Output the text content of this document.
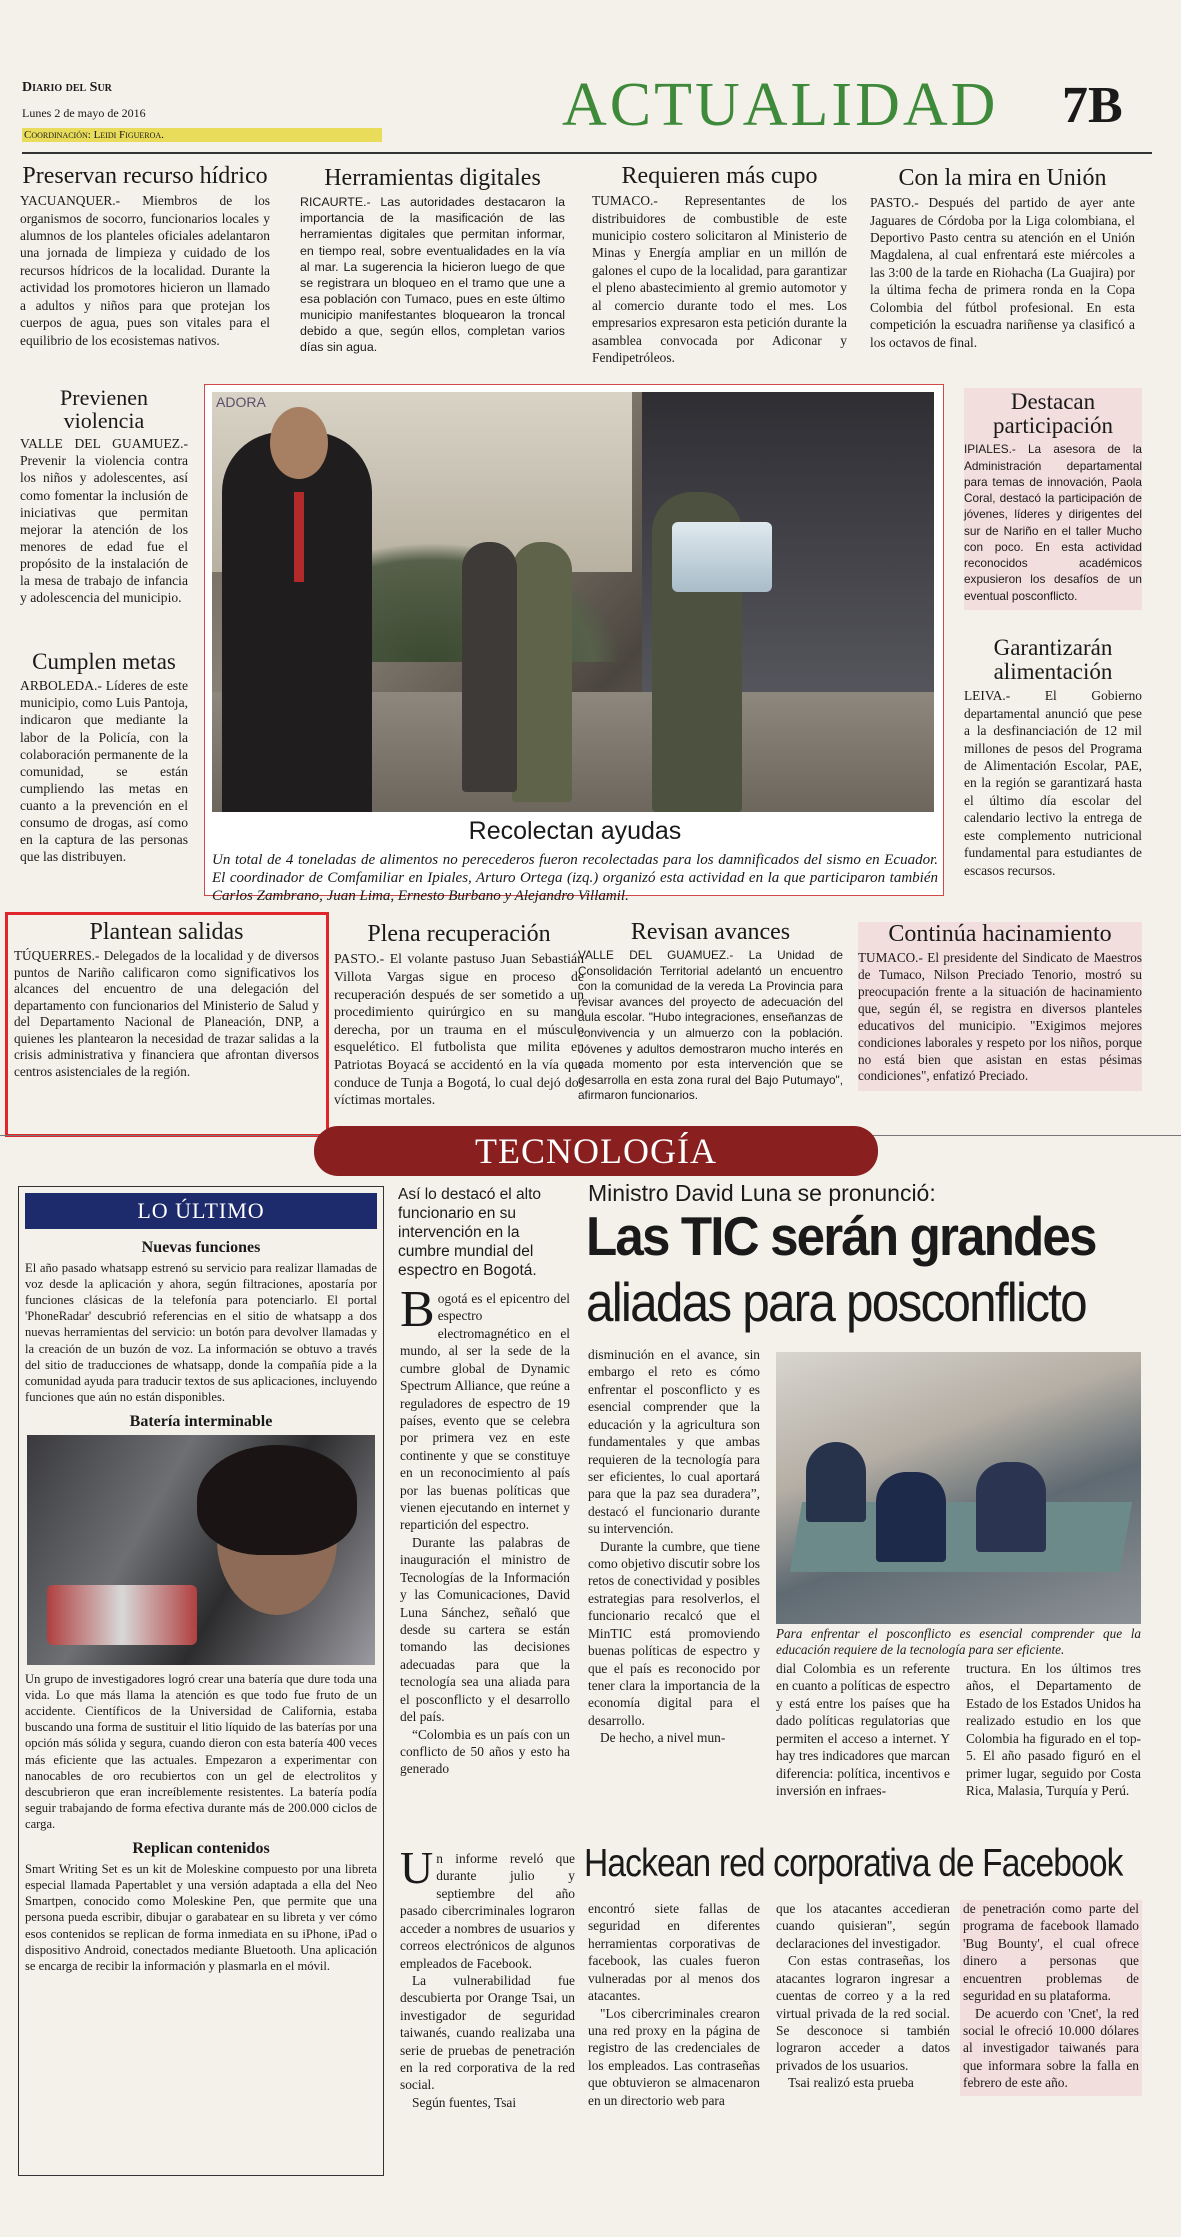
Diario del Sur
Lunes 2 de mayo de 2016
Coordinación: Leidi Figueroa.	ACTUALIDAD 7B
Preservan recurso hídrico

YACUANQUER.- Miembros de los organismos de socorro, funcionarios locales y alumnos de los planteles oficiales adelantaron una jornada de limpieza y cuidado de los recursos hídricos de la localidad. Durante la actividad los promotores hicieron un llamado a adultos y niños para que protejan los cuerpos de agua, pues son vitales para el equilibrio de los ecosistemas nativos.

Herramientas digitales

RICAURTE.- Las autoridades destacaron la importancia de la masificación de las herramientas digitales que permitan informar, en tiempo real, sobre eventualidades en la vía al mar. La sugerencia la hicieron luego de que se registrara un bloqueo en el tramo que une a esa población con Tumaco, pues en este último municipio manifestantes bloquearon la troncal debido a que, según ellos, completan varios días sin agua.

Requieren más cupo

TUMACO.- Representantes de los distribuidores de combustible de este municipio costero solicitaron al Ministerio de Minas y Energía ampliar en un millón de galones el cupo de la localidad, para garantizar el pleno abastecimiento al gremio automotor y al comercio durante todo el mes. Los empresarios expresaron esta petición durante la asamblea convocada por Adiconar y Fendipetróleos.

Con la mira en Unión

PASTO.- Después del partido de ayer ante Jaguares de Córdoba por la Liga colombiana, el Deportivo Pasto centra su atención en el Unión Magdalena, al cual enfrentará este miércoles a las 3:00 de la tarde en Riohacha (La Guajira) por la última fecha de primera ronda en la Copa Colombia del fútbol profesional. En esta competición la escuadra nariñense ya clasificó a los octavos de final.

Previenen violencia

VALLE DEL GUAMUEZ.- Prevenir la violencia contra los niños y adolescentes, así como fomentar la inclusión de iniciativas que permitan mejorar la atención de los menores de edad fue el propósito de la instalación de la mesa de trabajo de infancia y adolescencia del municipio.

Cumplen metas

ARBOLEDA.- Líderes de este municipio, como Luis Pantoja, indicaron que mediante la labor de la Policía, con la colaboración permanente de la comunidad, se están cumpliendo las metas en cuanto a la prevención en el consumo de drogas, así como en la captura de las personas que las distribuyen.

ADORA
Recolectan ayudas
Un total de 4 toneladas de alimentos no perecederos fueron recolectadas para los damnificados del sismo en Ecuador. El coordinador de Comfamiliar en Ipiales, Arturo Ortega (izq.) organizó esta actividad en la que participaron también Carlos Zambrano, Juan Lima, Ernesto Burbano y Alejandro Villamil.
Destacan participación

IPIALES.- La asesora de la Administración departamental para temas de innovación, Paola Coral, destacó la participación de jóvenes, líderes y dirigentes del sur de Nariño en el taller Mucho con poco. En esta actividad reconocidos académicos expusieron los desafíos de un eventual posconflicto.

Garantizarán alimentación

LEIVA.- El Gobierno departamental anunció que pese a la desfinanciación de 12 mil millones de pesos del Programa de Alimentación Escolar, PAE, en la región se garantizará hasta el último día escolar del calendario lectivo la entrega de este complemento nutricional fundamental para estudiantes de escasos recursos.

Plantean salidas

TÚQUERRES.- Delegados de la localidad y de diversos puntos de Nariño calificaron como significativos los alcances del encuentro de una delegación del departamento con funcionarios del Ministerio de Salud y del Departamento Nacional de Planeación, DNP, a quienes les plantearon la necesidad de trazar salidas a la crisis administrativa y financiera que afrontan diversos centros asistenciales de la región.

Plena recuperación

PASTO.- El volante pastuso Juan Sebastián Villota Vargas sigue en proceso de recuperación después de ser sometido a un procedimiento quirúrgico en su mano derecha, por un trauma en el músculo esquelético. El futbolista que milita en Patriotas Boyacá se accidentó en la vía que conduce de Tunja a Bogotá, lo cual dejó dos víctimas mortales.

Revisan avances

VALLE DEL GUAMUEZ.- La Unidad de Consolidación Territorial adelantó un encuentro con la comunidad de la vereda La Provincia para revisar avances del proyecto de adecuación del aula escolar. "Hubo integraciones, enseñanzas de convivencia y un almuerzo con la población. Jóvenes y adultos demostraron mucho interés en cada momento por esta intervención que se desarrolla en esta zona rural del Bajo Putumayo", afirmaron funcionarios.

Continúa hacinamiento

TUMACO.- El presidente del Sindicato de Maestros de Tumaco, Nilson Preciado Tenorio, mostró su preocupación frente a la situación de hacinamiento que, según él, se registra en diversos planteles educativos del municipio. "Exigimos mejores condiciones laborales y respeto por los niños, porque no está bien que asistan en estas pésimas condiciones", enfatizó Preciado.

TECNOLOGÍA
LO ÚLTIMO
Nuevas funciones

El año pasado whatsapp estrenó su servicio para realizar llamadas de voz desde la aplicación y ahora, según filtraciones, apostaría por funciones clásicas de la telefonía para potenciarlo. El portal 'PhoneRadar' descubrió referencias en el sitio de whatsapp a dos nuevas herramientas del servicio: un botón para devolver llamadas y la creación de un buzón de voz. La información se obtuvo a través del sitio de traducciones de whatsapp, donde la compañía pide a la comunidad ayuda para traducir textos de sus aplicaciones, incluyendo funciones que aún no están disponibles.

Batería interminable

Un grupo de investigadores logró crear una batería que dure toda una vida. Lo que más llama la atención es que todo fue fruto de un accidente. Científicos de la Universidad de California, estaba buscando una forma de sustituir el litio líquido de las baterías por una opción más sólida y segura, cuando dieron con esta batería 400 veces más eficiente que las actuales. Empezaron a experimentar con nanocables de oro recubiertos con un gel de electrolitos y descubrieron que eran increíblemente resistentes. La batería podía seguir trabajando de forma efectiva durante más de 200.000 ciclos de carga.

Replican contenidos

Smart Writing Set es un kit de Moleskine compuesto por una libreta especial llamada Papertablet y una versión adaptada a ella del Neo Smartpen, conocido como Moleskine Pen, que permite que una persona pueda escribir, dibujar o garabatear en su libreta y ver cómo esos contenidos se replican de forma inmediata en su iPhone, iPad o dispositivo Android, conectados mediante Bluetooth. Una aplicación se encarga de recibir la información y plasmarla en el móvil.

Así lo destacó el alto funcionario en su intervención en la cumbre mundial del espectro en Bogotá.
Ministro David Luna se pronunció:
Las TIC serán grandes
aliadas para posconflicto

Bogotá es el epicentro del espectro electromagnético en el mundo, al ser la sede de la cumbre global de Dynamic Spectrum Alliance, que reúne a reguladores de espectro de 19 países, evento que se celebra por primera vez en este continente y que se constituye en un reconocimiento al país por las buenas políticas que vienen ejecutando en internet y repartición del espectro.

Durante las palabras de inauguración el ministro de Tecnologías de la Información y las Comunicaciones, David Luna Sánchez, señaló que desde su cartera se están tomando las decisiones adecuadas para que la tecnología sea una aliada para el posconflicto y el desarrollo del país.

“Colombia es un país con un conflicto de 50 años y esto ha generado

disminución en el avance, sin embargo el reto es cómo enfrentar el posconflicto y es esencial comprender que la educación y la agricultura son fundamentales y que ambas requieren de la tecnología para ser eficientes, lo cual aportará para que la paz sea duradera”, destacó el funcionario durante su intervención.

Durante la cumbre, que tiene como objetivo discutir sobre los retos de conectividad y posibles estrategias para resolverlos, el funcionario recalcó que el MinTIC está promoviendo buenas políticas de espectro y que el país es reconocido por tener clara la importancia de la economía digital para el desarrollo.

De hecho, a nivel mun-

Para enfrentar el posconflicto es esencial comprender que la educación requiere de la tecnología para ser eficiente.

dial Colombia es un referente en cuanto a políticas de espectro y está entre los países que ha dado políticas regulatorias que permiten el acceso a internet. Y hay tres indicadores que marcan diferencia: política, incentivos e inversión en infraes-

tructura. En los últimos tres años, el Departamento de Estado de los Estados Unidos ha realizado estudio en los que Colombia ha figurado en el top-5. El año pasado figuró en el primer lugar, seguido por Costa Rica, Malasia, Turquía y Perú.

Hackean red corporativa de Facebook

Un informe reveló que durante julio y septiembre del año pasado cibercriminales lograron acceder a nombres de usuarios y correos electrónicos de algunos empleados de Facebook.

La vulnerabilidad fue descubierta por Orange Tsai, un investigador de seguridad taiwanés, cuando realizaba una serie de pruebas de penetración en la red corporativa de la red social.

Según fuentes, Tsai

encontró siete fallas de seguridad en diferentes herramientas corporativas de facebook, las cuales fueron vulneradas por al menos dos atacantes.

"Los cibercriminales crearon una red proxy en la página de registro de las credenciales de los empleados. Las contraseñas que obtuvieron se almacenaron en un directorio web para

que los atacantes accedieran cuando quisieran", según declaraciones del investigador.

Con estas contraseñas, los atacantes lograron ingresar a cuentas de correo y a la red virtual privada de la red social. Se desconoce si también lograron acceder a datos privados de los usuarios.

Tsai realizó esta prueba

de penetración como parte del programa de facebook llamado 'Bug Bounty', el cual ofrece dinero a personas que encuentren problemas de seguridad en su plataforma.

De acuerdo con 'Cnet', la red social le ofreció 10.000 dólares al investigador taiwanés para que informara sobre la falla en febrero de este año.
